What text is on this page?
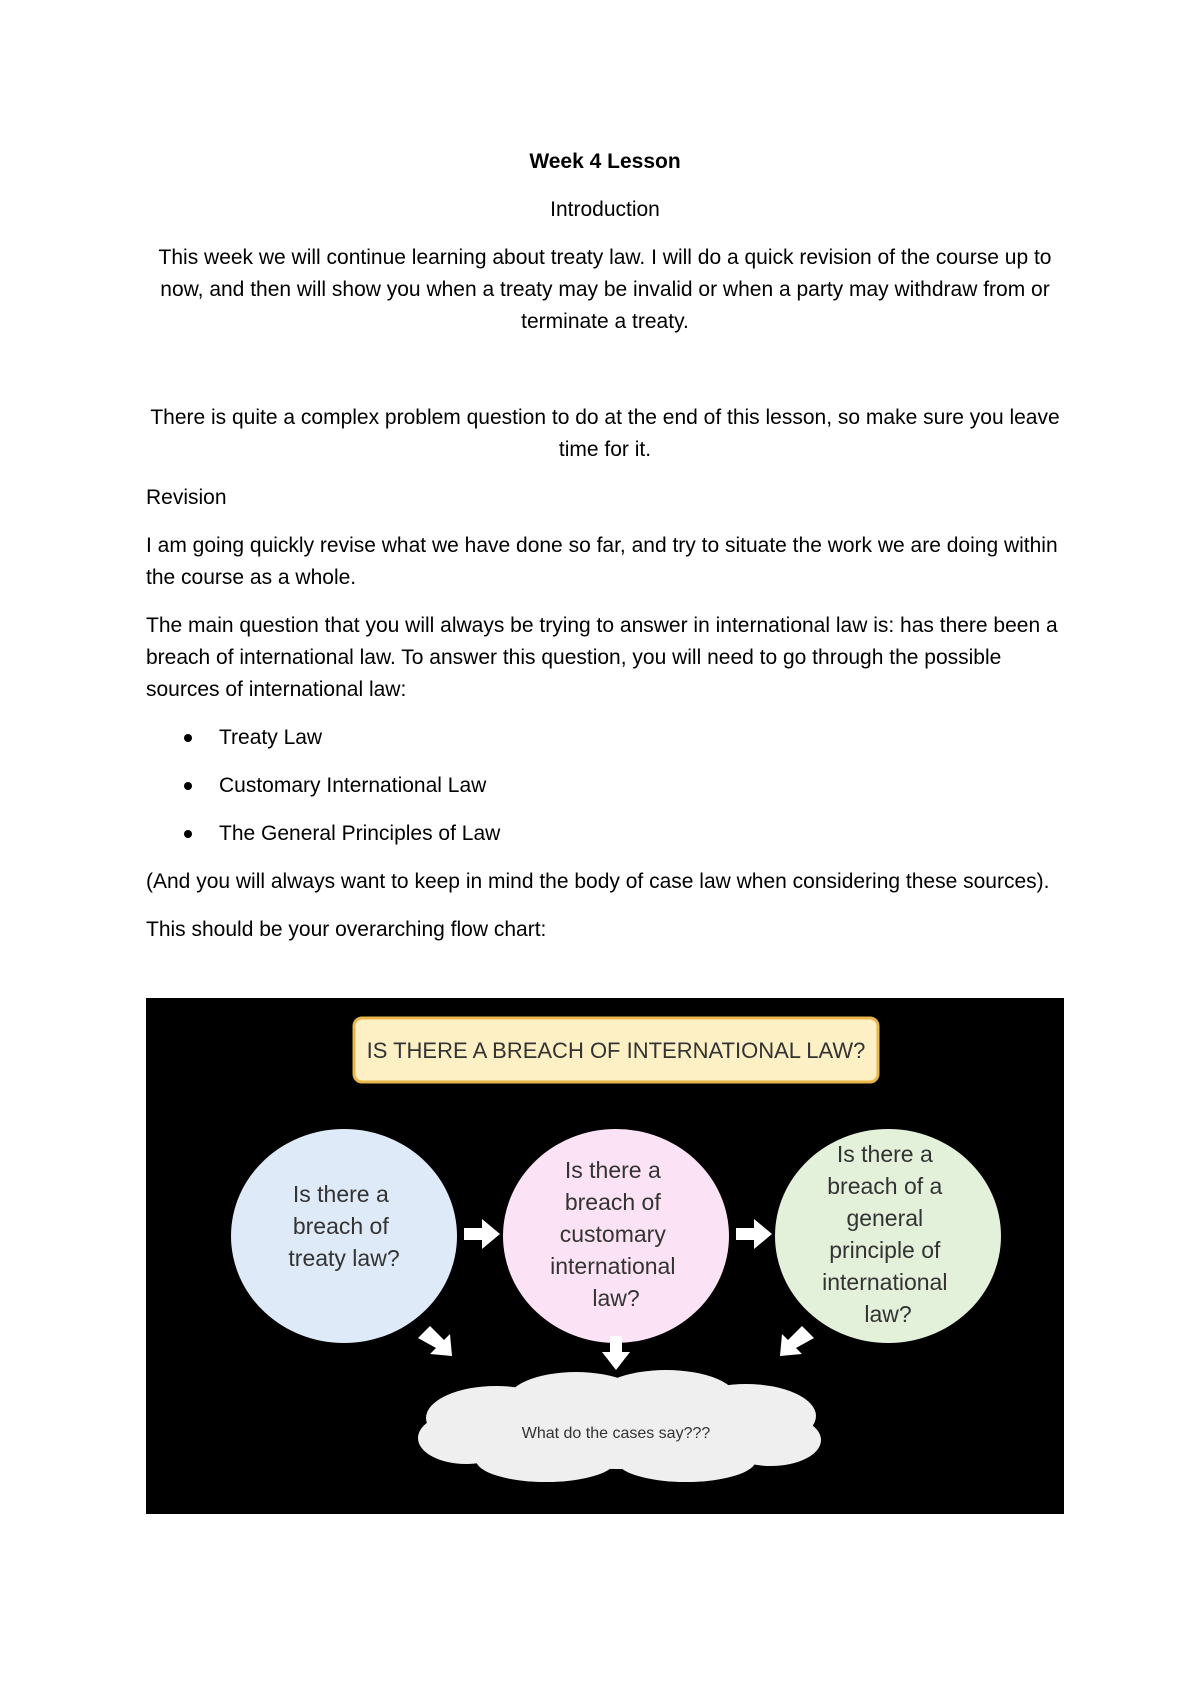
Week 4 Lesson
Introduction
This week we will continue learning about treaty law. I will do a quick revision of the course up to now, and then will show you when a treaty may be invalid or when a party may withdraw from or terminate a treaty.
There is quite a complex problem question to do at the end of this lesson, so make sure you leave time for it.
Revision
I am going quickly revise what we have done so far, and try to situate the work we are doing within the course as a whole.
The main question that you will always be trying to answer in international law is: has there been a breach of international law. To answer this question, you will need to go through the possible sources of international law:
Treaty Law
Customary International Law
The General Principles of Law
(And you will always want to keep in mind the body of case law when considering these sources).
This should be your overarching flow chart:
IS THERE A BREACH OF INTERNATIONAL LAW?
Is there a breach of treaty law?
Is there a breach of customary international law?
Is there a breach of a general principle of international law?
What do the cases say???
